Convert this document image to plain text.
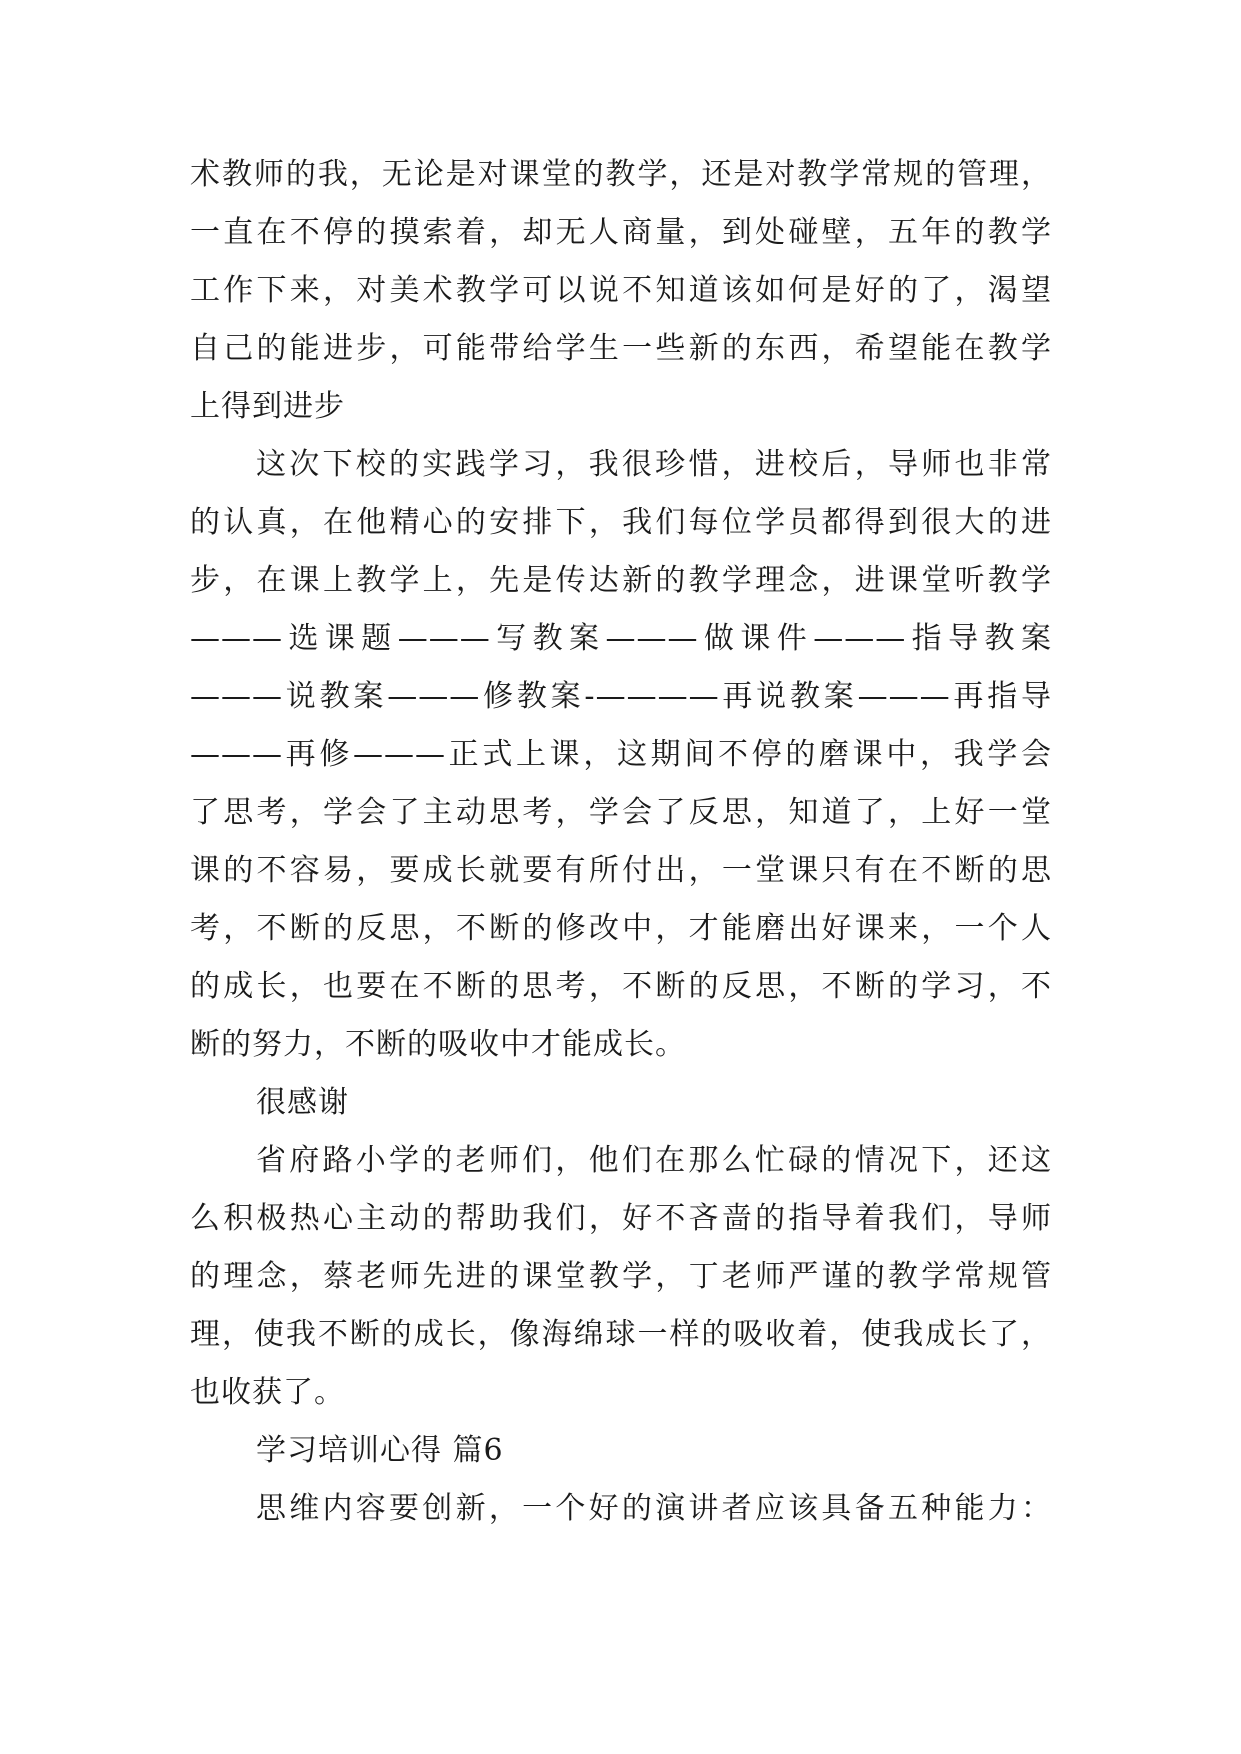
术教师的我，无论是对课堂的教学，还是对教学常规的管理，
一直在不停的摸索着，却无人商量，到处碰壁，五年的教学
工作下来，对美术教学可以说不知道该如何是好的了，渴望
自己的能进步，可能带给学生一些新的东西，希望能在教学
上得到进步
这次下校的实践学习，我很珍惜，进校后，导师也非常
的认真，在他精心的安排下，我们每位学员都得到很大的进
步，在课上教学上，先是传达新的教学理念，进课堂听教学
———选课题———写教案———做课件———指导教案
———说教案———修教案-————再说教案———再指导
———再修———正式上课，这期间不停的磨课中，我学会
了思考，学会了主动思考，学会了反思，知道了，上好一堂
课的不容易，要成长就要有所付出，一堂课只有在不断的思
考，不断的反思，不断的修改中，才能磨出好课来，一个人
的成长，也要在不断的思考，不断的反思，不断的学习，不
断的努力，不断的吸收中才能成长。
很感谢
省府路小学的老师们，他们在那么忙碌的情况下，还这
么积极热心主动的帮助我们，好不吝啬的指导着我们，导师
的理念，蔡老师先进的课堂教学，丁老师严谨的教学常规管
理，使我不断的成长，像海绵球一样的吸收着，使我成长了，
也收获了。
学习培训心得 篇6
思维内容要创新，一个好的演讲者应该具备五种能力：
